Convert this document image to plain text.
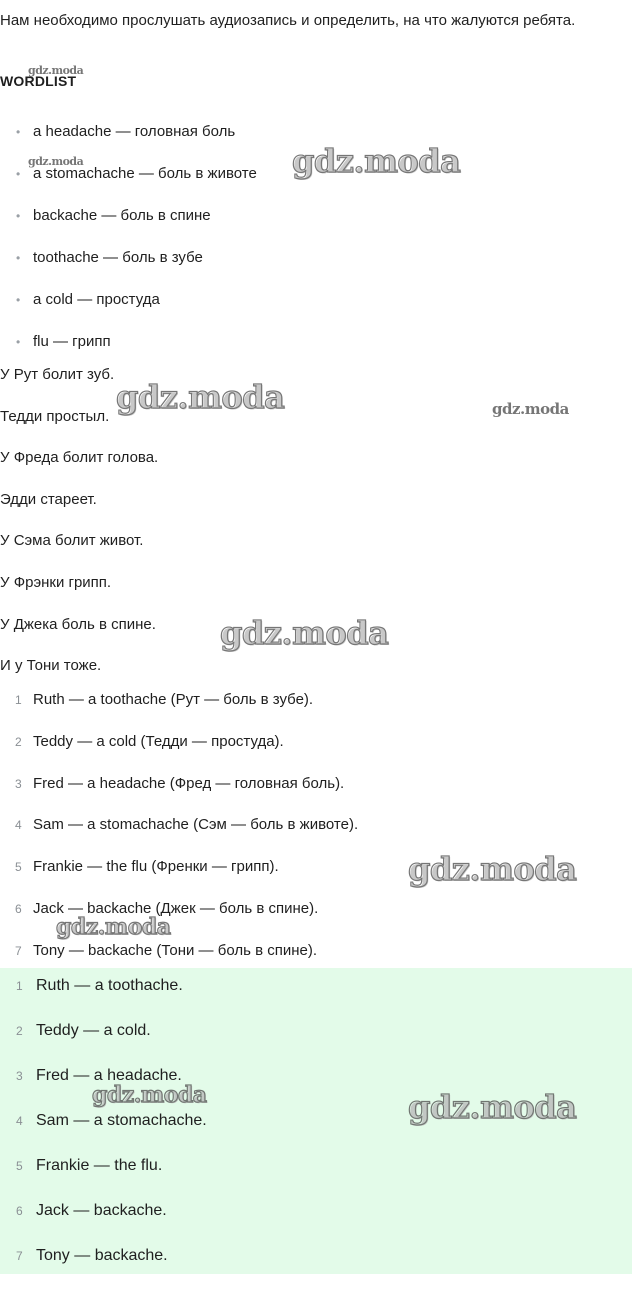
Нам необходимо прослушать аудиозапись и определить, на что жалуются ребята.

WORDLIST

• a headache — головная боль
• a stomachache — боль в животе
• backache — боль в спине
• toothache — боль в зубе
• a cold — простуда
• flu — грипп

У Рут болит зуб.

Тедди простыл.

У Фреда болит голова.

Эдди стареет.

У Сэма болит живот.

У Фрэнки грипп.

У Джека боль в спине.

И у Тони тоже.

1 Ruth — a toothache (Рут — боль в зубе).
2 Teddy — a cold (Тедди — простуда).
3 Fred — a headache (Фред — головная боль).
4 Sam — a stomachache (Сэм — боль в животе).
5 Frankie — the flu (Френки — грипп).
6 Jack — backache (Джек — боль в спине).
7 Tony — backache (Тони — боль в спине).
1 Ruth — a toothache.
2 Teddy — a cold.
3 Fred — a headache.
4 Sam — a stomachache.
5 Frankie — the flu.
6 Jack — backache.
7 Tony — backache.
gdz.moda
gdz.moda	gdz.moda
gdz.moda	gdz.moda
gdz.moda
gdz.moda
gdz.moda
gdz.moda	gdz.moda
